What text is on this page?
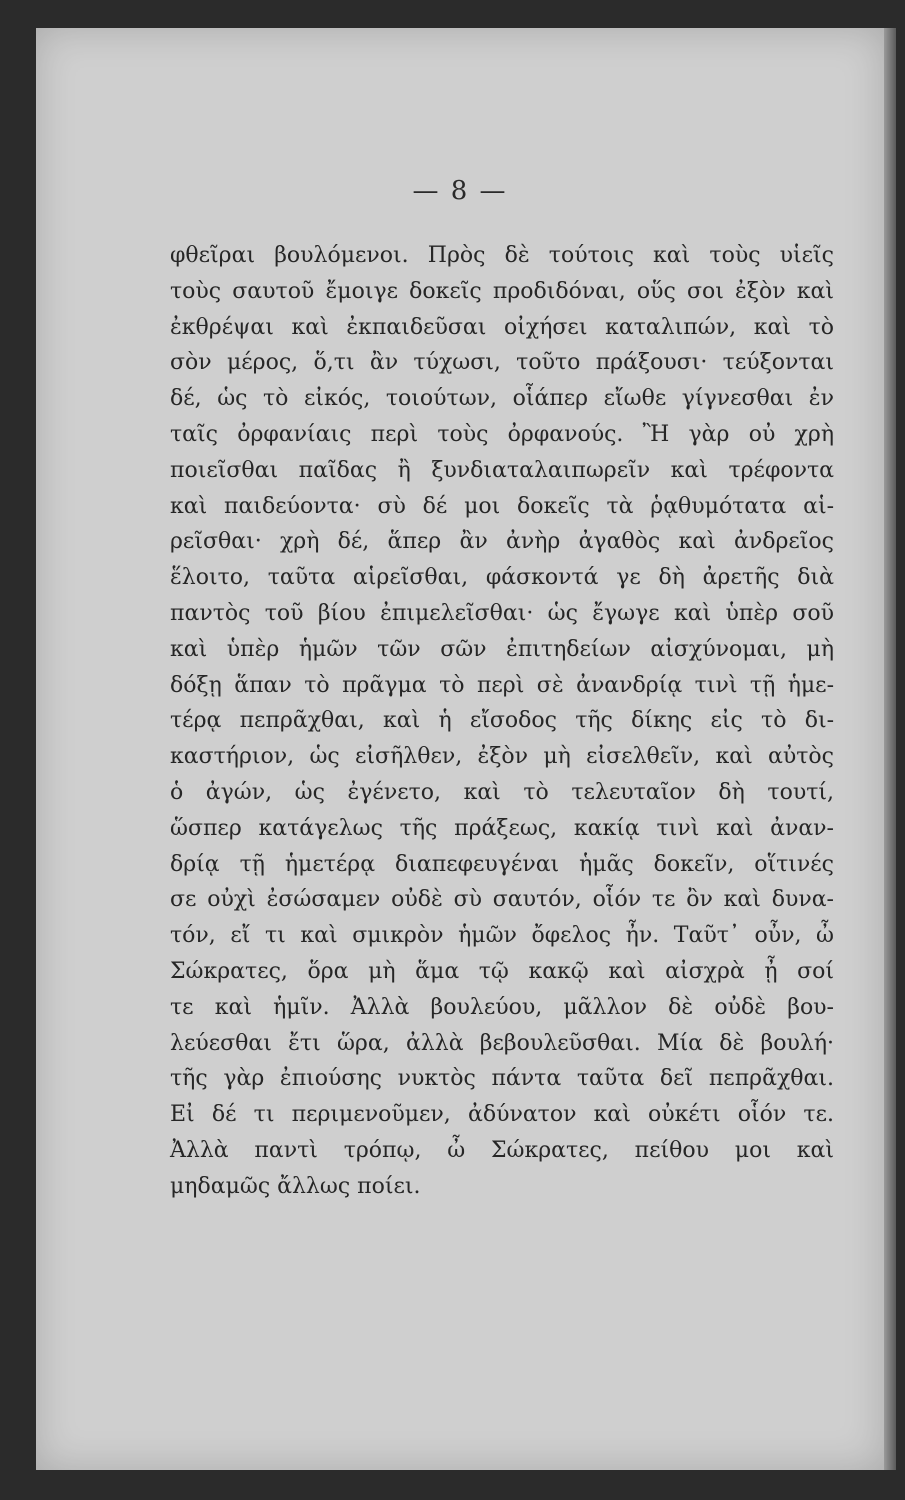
— 8 —
φθεῖραι βουλόμενοι. Πρὸς δὲ τούτοις καὶ τοὺς υἱεῖς
τοὺς σαυτοῦ ἔμοιγε δοκεῖς προδιδόναι, οὕς σοι ἐξὸν καὶ
ἐκθρέψαι καὶ ἐκπαιδεῦσαι οἰχήσει καταλιπών, καὶ τὸ
σὸν μέρος, ὅ,τι ἂν τύχωσι, τοῦτο πράξουσι· τεύξονται
δέ, ὡς τὸ εἰκός, τοιούτων, οἷάπερ εἴωθε γίγνεσθαι ἐν
ταῖς ὀρφανίαις περὶ τοὺς ὀρφανούς. Ἢ γὰρ οὐ χρὴ
ποιεῖσθαι παῖδας ἢ ξυνδιαταλαιπωρεῖν καὶ τρέφοντα
καὶ παιδεύοντα· σὺ δέ μοι δοκεῖς τὰ ῥᾳθυμότατα αἱ-
ρεῖσθαι· χρὴ δέ, ἅπερ ἂν ἀνὴρ ἀγαθὸς καὶ ἀνδρεῖος
ἕλοιτο, ταῦτα αἱρεῖσθαι, φάσκοντά γε δὴ ἀρετῆς διὰ
παντὸς τοῦ βίου ἐπιμελεῖσθαι· ὡς ἔγωγε καὶ ὑπὲρ σοῦ
καὶ ὑπὲρ ἡμῶν τῶν σῶν ἐπιτηδείων αἰσχύνομαι, μὴ
δόξῃ ἅπαν τὸ πρᾶγμα τὸ περὶ σὲ ἀνανδρίᾳ τινὶ τῇ ἡμε-
τέρᾳ πεπρᾶχθαι, καὶ ἡ εἴσοδος τῆς δίκης εἰς τὸ δι-
καστήριον, ὡς εἰσῆλθεν, ἐξὸν μὴ εἰσελθεῖν, καὶ αὐτὸς
ὁ ἀγών, ὡς ἐγένετο, καὶ τὸ τελευταῖον δὴ τουτί,
ὥσπερ κατάγελως τῆς πράξεως, κακίᾳ τινὶ καὶ ἀναν-
δρίᾳ τῇ ἡμετέρᾳ διαπεφευγέναι ἡμᾶς δοκεῖν, οἵτινές
σε οὐχὶ ἐσώσαμεν οὐδὲ σὺ σαυτόν, οἷόν τε ὂν καὶ δυνα-
τόν, εἴ τι καὶ σμικρὸν ἡμῶν ὄφελος ἦν. Ταῦτ᾽ οὖν, ὦ
Σώκρατες, ὅρα μὴ ἅμα τῷ κακῷ καὶ αἰσχρὰ ᾖ σοί
τε καὶ ἡμῖν. Ἀλλὰ βουλεύου, μᾶλλον δὲ οὐδὲ βου-
λεύεσθαι ἔτι ὥρα, ἀλλὰ βεβουλεῦσθαι. Μία δὲ βουλή·
τῆς γὰρ ἐπιούσης νυκτὸς πάντα ταῦτα δεῖ πεπρᾶχθαι.
Εἰ δέ τι περιμενοῦμεν, ἀδύνατον καὶ οὐκέτι οἷόν τε.
Ἀλλὰ παντὶ τρόπῳ, ὦ Σώκρατες, πείθου μοι καὶ
μηδαμῶς ἄλλως ποίει.
